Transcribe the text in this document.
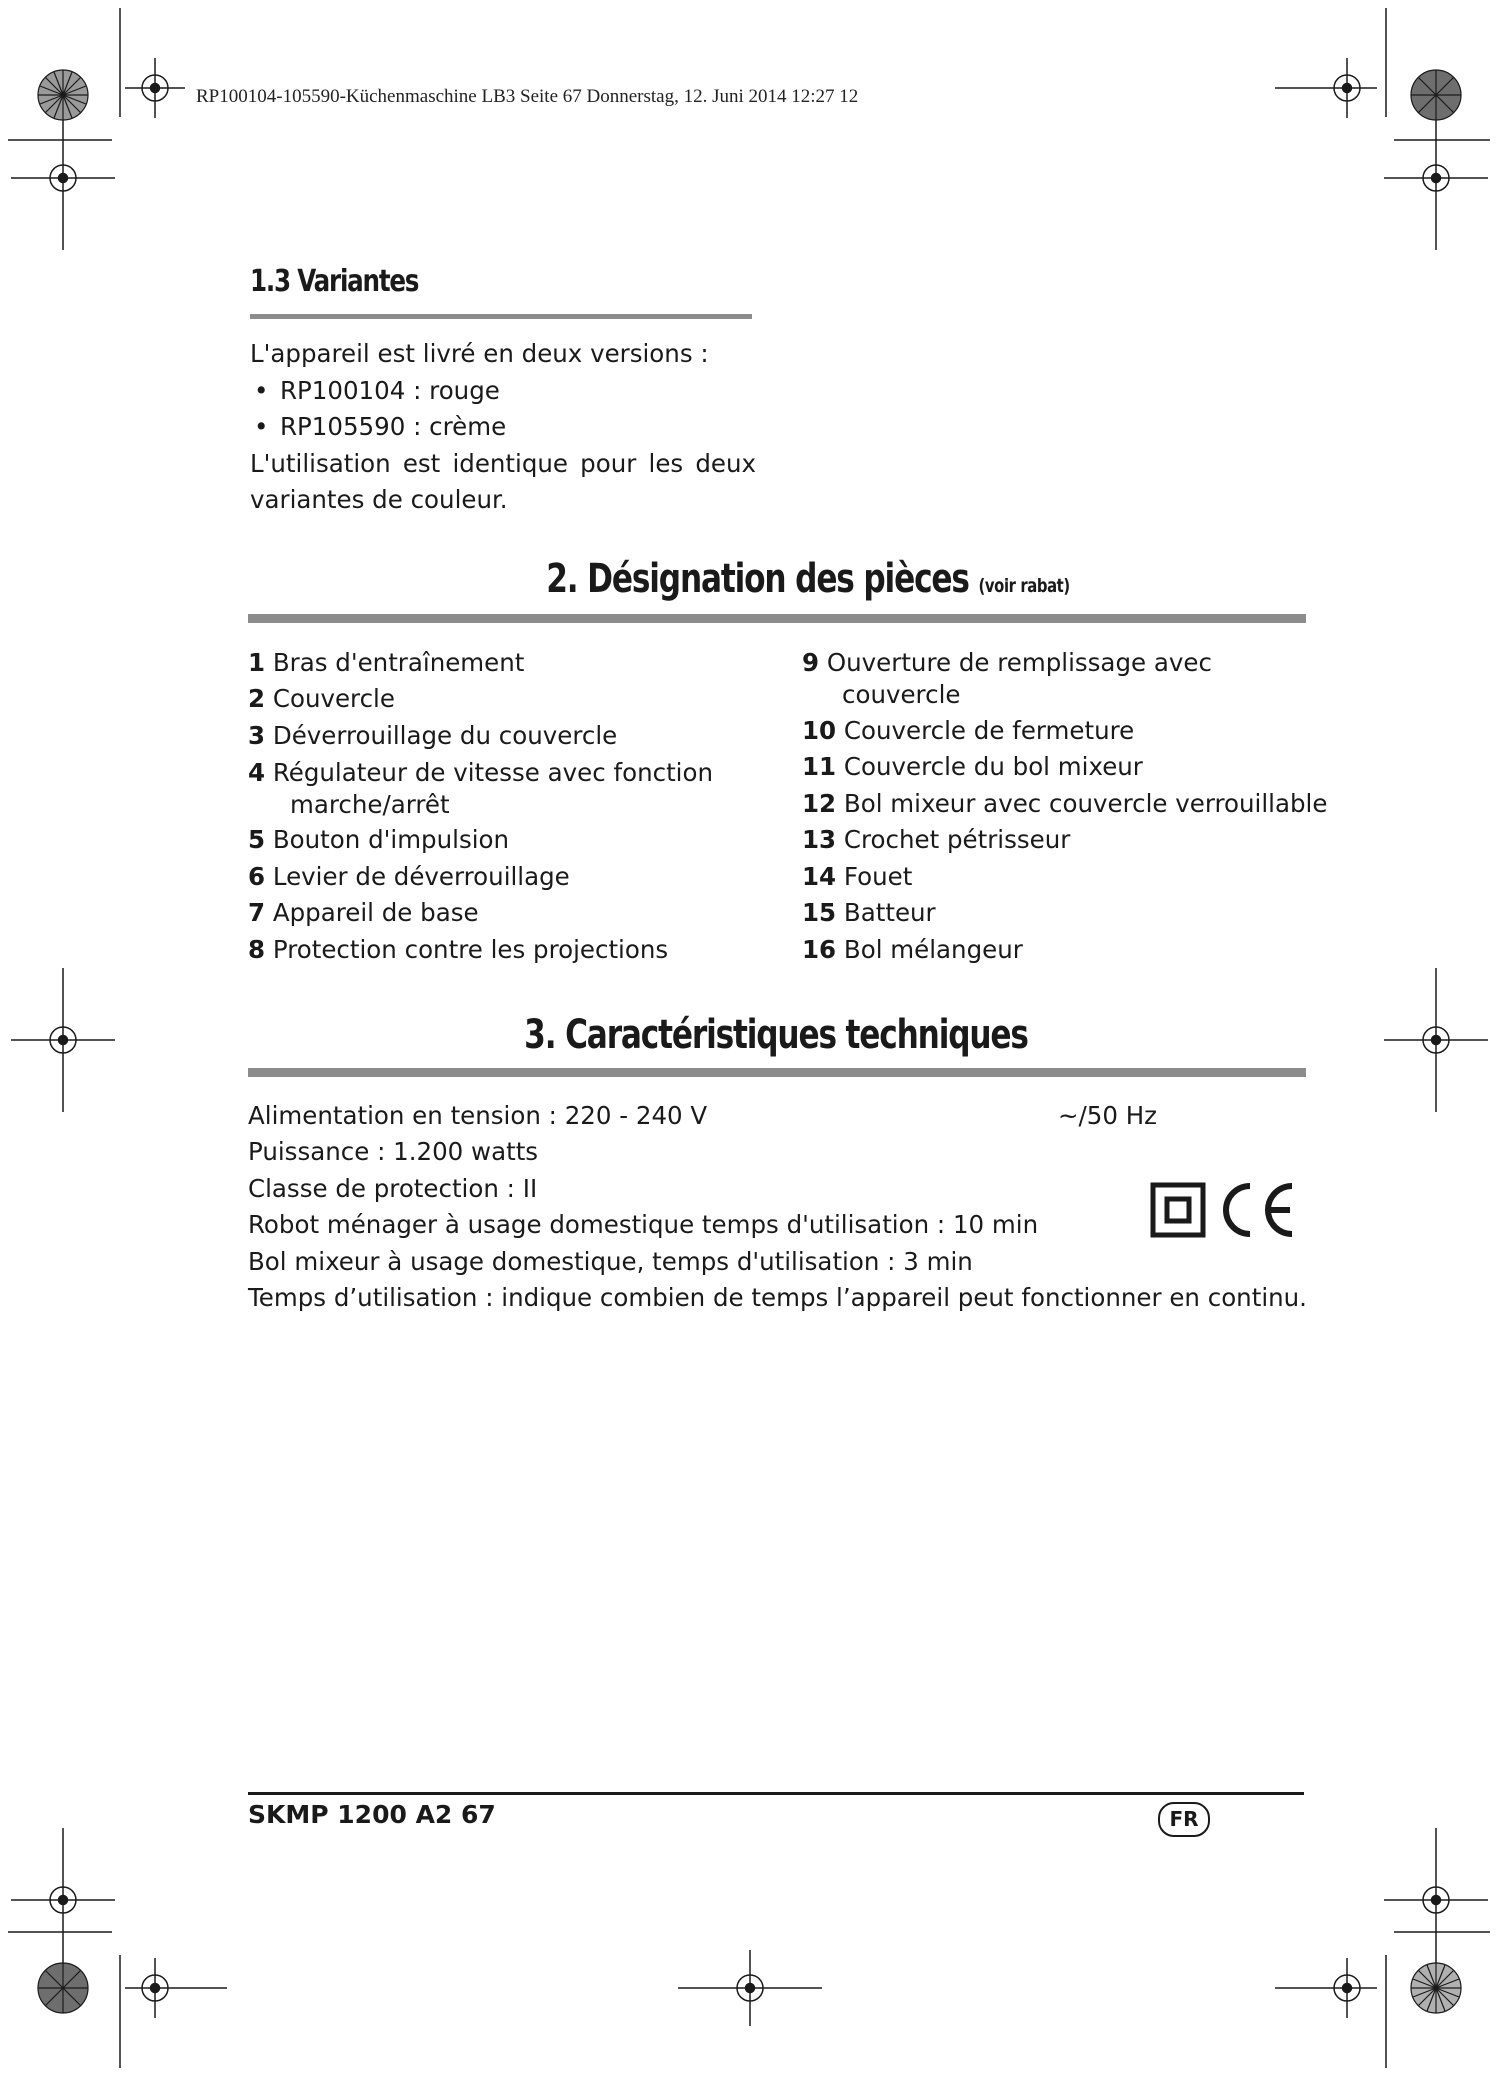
RP100104-105590-Küchenmaschine LB3 Seite 67 Donnerstag, 12. Juni 2014 12:27 12
1.3 Variantes

L'appareil est livré en deux versions :

• RP100104 : rouge

• RP105590 : crème

L'utilisation est identique pour les deux

variantes de couleur.

2. Désignation des pièces (voir rabat)
1 Bras d'entraînement
2 Couvercle
3 Déverrouillage du couvercle
4 Régulateur de vitesse avec fonction
marche/arrêt
5 Bouton d'impulsion
6 Levier de déverrouillage
7 Appareil de base
8 Protection contre les projections
9 Ouverture de remplissage avec
couvercle
10 Couvercle de fermeture
11 Couvercle du bol mixeur
12 Bol mixeur avec couvercle verrouillable
13 Crochet pétrisseur
14 Fouet
15 Batteur
16 Bol mélangeur
3. Caractéristiques techniques
Alimentation en tension : 220 - 240 V
Puissance : 1.200 watts
Classe de protection : II
Robot ménager à usage domestique temps d'utilisation : 10 min
Bol mixeur à usage domestique, temps d'utilisation : 3 min
Temps d’utilisation : indique combien de temps l’appareil peut fonctionner en continu.
~/50 Hz
SKMP 1200 A2 67	FR
